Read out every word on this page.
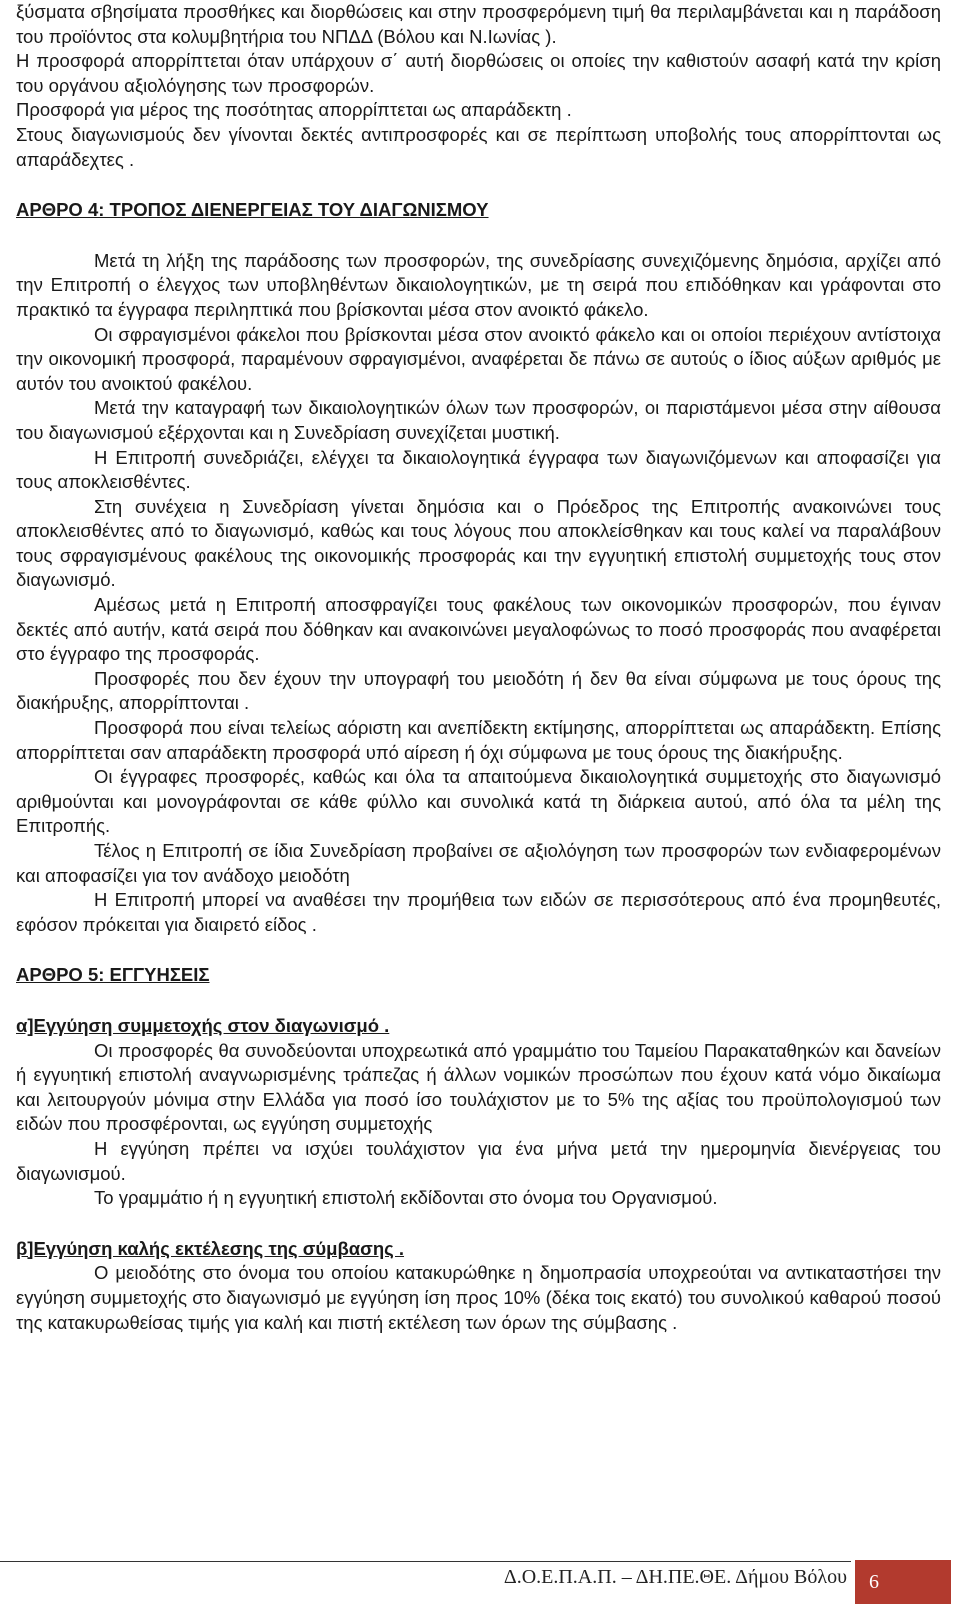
ξύσματα σβησίματα προσθήκες και διορθώσεις και στην προσφερόμενη τιμή θα περιλαμβάνεται και η παράδοση του προϊόντος στα κολυμβητήρια του ΝΠΔΔ (Βόλου και Ν.Ιωνίας ).

Η προσφορά απορρίπτεται όταν υπάρχουν σ΄ αυτή διορθώσεις οι οποίες την καθιστούν ασαφή κατά την κρίση του οργάνου αξιολόγησης των προσφορών.

Προσφορά για μέρος της ποσότητας απορρίπτεται ως απαράδεκτη .

Στους διαγωνισμούς δεν γίνονται δεκτές αντιπροσφορές και σε περίπτωση υποβολής τους απορρίπτονται ως απαράδεχτες .

ΑΡΘΡΟ 4: ΤΡΟΠΟΣ ΔΙΕΝΕΡΓΕΙΑΣ ΤΟΥ ΔΙΑΓΩΝΙΣΜΟΥ

Μετά τη λήξη της παράδοσης των προσφορών, της συνεδρίασης συνεχιζόμενης δημόσια, αρχίζει από την Επιτροπή ο έλεγχος των υποβληθέντων δικαιολογητικών, με τη σειρά που επιδόθηκαν και γράφονται στο πρακτικό τα έγγραφα περιληπτικά που βρίσκονται μέσα στον ανοικτό φάκελο.

Οι σφραγισμένοι φάκελοι που βρίσκονται μέσα στον ανοικτό φάκελο και οι οποίοι περιέχουν αντίστοιχα την οικονομική προσφορά, παραμένουν σφραγισμένοι, αναφέρεται δε πάνω σε αυτούς ο ίδιος αύξων αριθμός με αυτόν του ανοικτού φακέλου.

Μετά την καταγραφή των δικαιολογητικών όλων των προσφορών, οι παριστάμενοι μέσα στην αίθουσα του διαγωνισμού εξέρχονται και η Συνεδρίαση συνεχίζεται μυστική.

Η Επιτροπή συνεδριάζει, ελέγχει τα δικαιολογητικά έγγραφα των διαγωνιζόμενων και αποφασίζει για τους αποκλεισθέντες.

Στη συνέχεια η Συνεδρίαση γίνεται δημόσια και ο Πρόεδρος της Επιτροπής ανακοινώνει τους αποκλεισθέντες από το διαγωνισμό, καθώς και τους λόγους που αποκλείσθηκαν και τους καλεί να παραλάβουν τους σφραγισμένους φακέλους της οικονομικής προσφοράς και την εγγυητική επιστολή συμμετοχής τους στον διαγωνισμό.

Αμέσως μετά η Επιτροπή αποσφραγίζει τους φακέλους των οικονομικών προσφορών, που έγιναν δεκτές από αυτήν, κατά σειρά που δόθηκαν και ανακοινώνει μεγαλοφώνως το ποσό προσφοράς που αναφέρεται στο έγγραφο της προσφοράς.

Προσφορές που δεν έχουν την υπογραφή του μειοδότη ή δεν θα είναι σύμφωνα με τους όρους της διακήρυξης, απορρίπτονται .

Προσφορά που είναι τελείως αόριστη και ανεπίδεκτη εκτίμησης, απορρίπτεται ως απαράδεκτη. Επίσης απορρίπτεται σαν απαράδεκτη προσφορά υπό αίρεση ή όχι σύμφωνα με τους όρους της διακήρυξης.

Οι έγγραφες προσφορές, καθώς και όλα τα απαιτούμενα δικαιολογητικά συμμετοχής στο διαγωνισμό αριθμούνται και μονογράφονται σε κάθε φύλλο και συνολικά κατά τη διάρκεια αυτού, από όλα τα μέλη της Επιτροπής.

Τέλος η Επιτροπή σε ίδια Συνεδρίαση προβαίνει σε αξιολόγηση των προσφορών των ενδιαφερομένων και αποφασίζει για τον ανάδοχο μειοδότη

Η Επιτροπή μπορεί να αναθέσει την προμήθεια των ειδών σε περισσότερους από ένα προμηθευτές, εφόσον πρόκειται για διαιρετό είδος .

ΑΡΘΡΟ 5: ΕΓΓΥΗΣΕΙΣ

α]Εγγύηση συμμετοχής στον διαγωνισμό .

Οι προσφορές θα συνοδεύονται υποχρεωτικά από γραμμάτιο του Ταμείου Παρακαταθηκών και δανείων ή εγγυητική επιστολή αναγνωρισμένης τράπεζας ή άλλων νομικών προσώπων που έχουν κατά νόμο δικαίωμα και λειτουργούν μόνιμα στην Ελλάδα για ποσό ίσο τουλάχιστον με το 5% της αξίας του προϋπολογισμού των ειδών που προσφέρονται, ως εγγύηση συμμετοχής

Η εγγύηση πρέπει να ισχύει τουλάχιστον για ένα μήνα μετά την ημερομηνία διενέργειας του διαγωνισμού.

Το γραμμάτιο ή η εγγυητική επιστολή εκδίδονται στο όνομα του Οργανισμού.

β]Εγγύηση καλής εκτέλεσης της σύμβασης .

Ο μειοδότης στο όνομα του οποίου κατακυρώθηκε η δημοπρασία υποχρεούται να αντικαταστήσει την εγγύηση συμμετοχής στο διαγωνισμό με εγγύηση ίση προς 10% (δέκα τοις εκατό) του συνολικού καθαρού ποσού της κατακυρωθείσας τιμής για καλή και πιστή εκτέλεση των όρων της σύμβασης .

Δ.Ο.Ε.Π.Α.Π. – ΔΗ.ΠΕ.ΘΕ. Δήμου Βόλου	6
